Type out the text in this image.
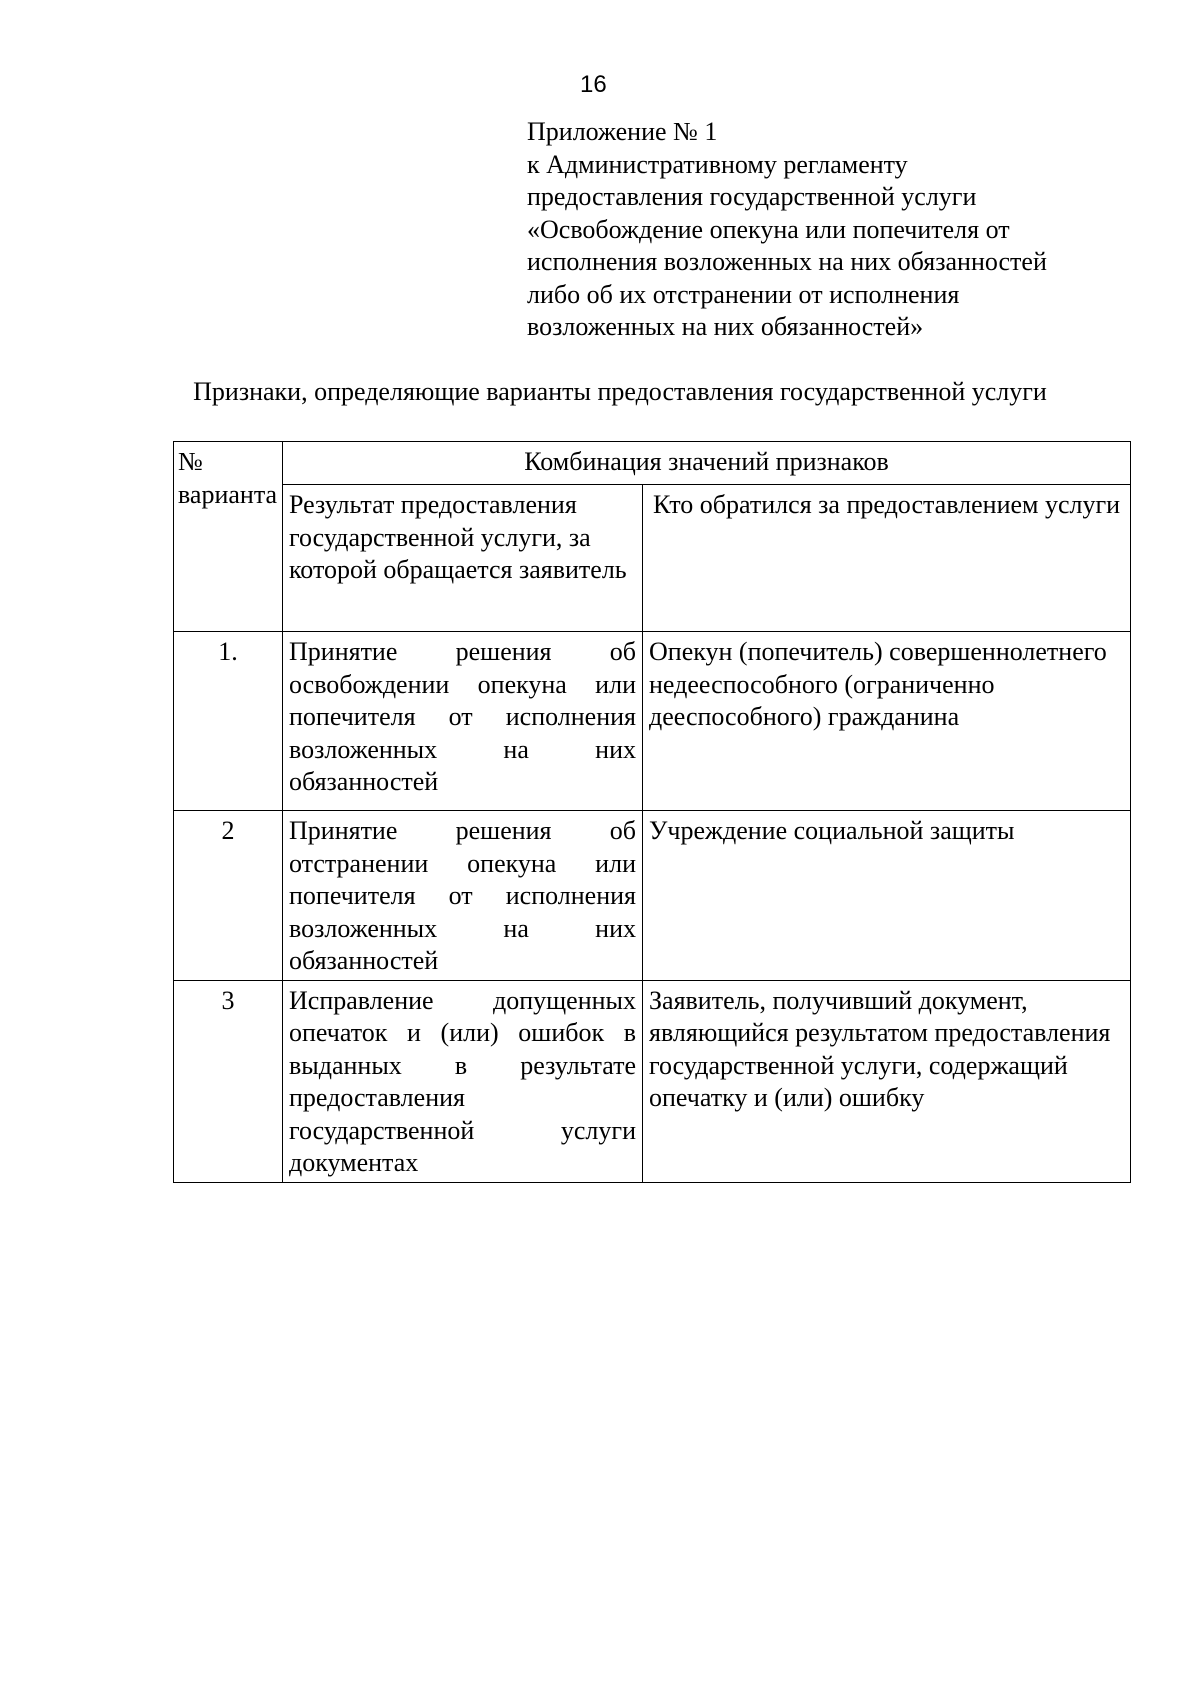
16
Приложение № 1
к Административному регламенту
предоставления государственной услуги
«Освобождение опекуна или попечителя от
исполнения возложенных на них обязанностей
либо об их отстранении от исполнения
возложенных на них обязанностей»
Признаки, определяющие варианты предоставления государственной услуги
№ варианта	Комбинация значений признаков	
	Результат предоставления государственной услуги, за которой обращается заявитель	Кто обратился за предоставлением услуги
1.	Принятие решения об освобождении опекуна или попечителя от исполнения возложенных на них обязанностей	Опекун (попечитель) совершеннолетнего недееспособного (ограниченно дееспособного) гражданина
2	Принятие решения об отстранении опекуна или попечителя от исполнения возложенных на них обязанностей	Учреждение социальной защиты
3	Исправление допущенных опечаток и (или) ошибок в выданных в результате предоставления государственной услуги документах	Заявитель, получивший документ, являющийся результатом предоставления государственной услуги, содержащий опечатку и (или) ошибку
